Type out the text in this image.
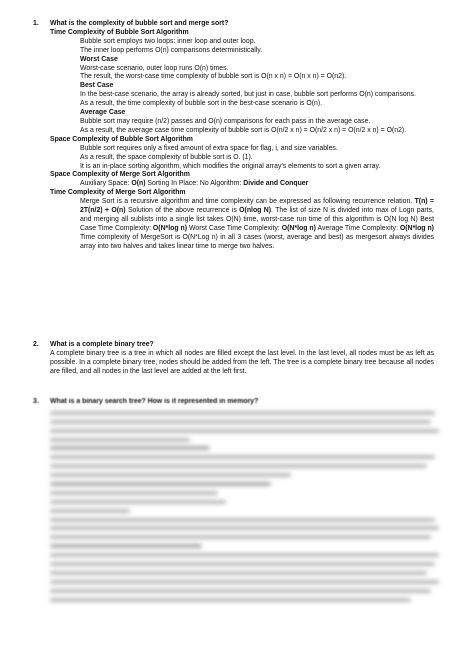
1. What is the complexity of bubble sort and merge sort?
Time Complexity of Bubble Sort Algorithm
Bubble sort employs two loops: inner loop and outer loop.
The inner loop performs O(n) comparisons deterministically.
Worst Case
Worst-case scenario, outer loop runs O(n) times.
The result, the worst-case time complexity of bubble sort is O(n x n) = O(n x n) = O(n2).
Best Case
In the best-case scenario, the array is already sorted, but just in case, bubble sort performs O(n) comparisons.
As a result, the time complexity of bubble sort in the best-case scenario is O(n).
Average Case
Bubble sort may require (n/2) passes and O(n) comparisons for each pass in the average case.
As a result, the average case time complexity of bubble sort is O(n/2 x n) = O(n/2 x n) = O(n/2 x n) = O(n2).
Space Complexity of Bubble Sort Algorithm
Bubble sort requires only a fixed amount of extra space for flag, i, and size variables.
As a result, the space complexity of bubble sort is O. (1).
It is an in-place sorting algorithm, which modifies the original array's elements to sort a given array.
Space Complexity of Merge Sort Algorithm
Auxiliary Space: O(n) Sorting In Place: No Algorithm: Divide and Conquer
Time Complexity of Merge Sort Algorithm
Merge Sort is a recursive algorithm and time complexity can be expressed as following recurrence relation. T(n) = 2T(n/2) + O(n) Solution of the above recurrence is O(nlog N). The list of size N is divided into max of Logn parts, and merging all sublists into a single list takes O(N) time, worst-case run time of this algorithm is O(N log N) Best Case Time Complexity: O(N*log n) Worst Case Time Complexity: O(N*log n) Average Time Complexity: O(N*log n) Time complexity of MergeSort is O(N*Log n) in all 3 cases (worst, average and best) as mergesort always divides array into two halves and takes linear time to merge two halves.
2. What is a complete binary tree?
A complete binary tree is a tree in which all nodes are filled except the last level. In the last level, all nodes must be as left as possible. In a complete binary tree, nodes should be added from the left. The tree is a complete binary tree because all nodes are filled, and all nodes in the last level are added at the left first.
3. What is a binary search tree? How is it represented in memory?
